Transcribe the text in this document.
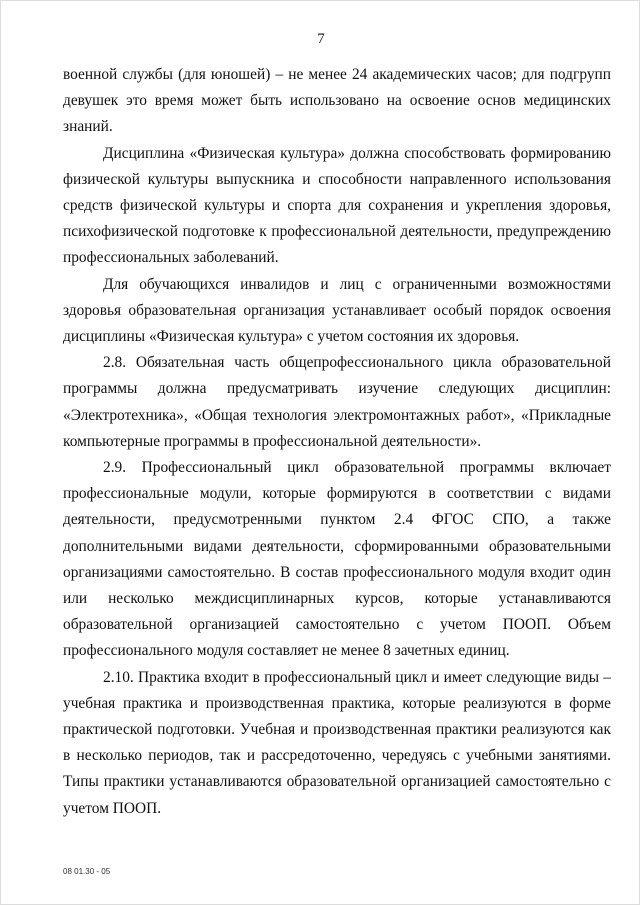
7

военной службы (для юношей) – не менее 24 академических часов; для подгрупп девушек это время может быть использовано на освоение основ медицинских знаний.

Дисциплина «Физическая культура» должна способствовать формированию физической культуры выпускника и способности направленного использования средств физической культуры и спорта для сохранения и укрепления здоровья, психофизической подготовке к профессиональной деятельности, предупреждению профессиональных заболеваний.

Для обучающихся инвалидов и лиц с ограниченными возможностями здоровья образовательная организация устанавливает особый порядок освоения дисциплины «Физическая культура» с учетом состояния их здоровья.

2.8. Обязательная часть общепрофессионального цикла образовательной программы должна предусматривать изучение следующих дисциплин: «Электротехника», «Общая технология электромонтажных работ», «Прикладные компьютерные программы в профессиональной деятельности».

2.9. Профессиональный цикл образовательной программы включает профессиональные модули, которые формируются в соответствии с видами деятельности, предусмотренными пунктом 2.4 ФГОС СПО, а также дополнительными видами деятельности, сформированными образовательными организациями самостоятельно. В состав профессионального модуля входит один или несколько междисциплинарных курсов, которые устанавливаются образовательной организацией самостоятельно с учетом ПООП. Объем профессионального модуля составляет не менее 8 зачетных единиц.

2.10. Практика входит в профессиональный цикл и имеет следующие виды – учебная практика и производственная практика, которые реализуются в форме практической подготовки. Учебная и производственная практики реализуются как в несколько периодов, так и рассредоточенно, чередуясь с учебными занятиями. Типы практики устанавливаются образовательной организацией самостоятельно с учетом ПООП.

08 01.30 - 05
